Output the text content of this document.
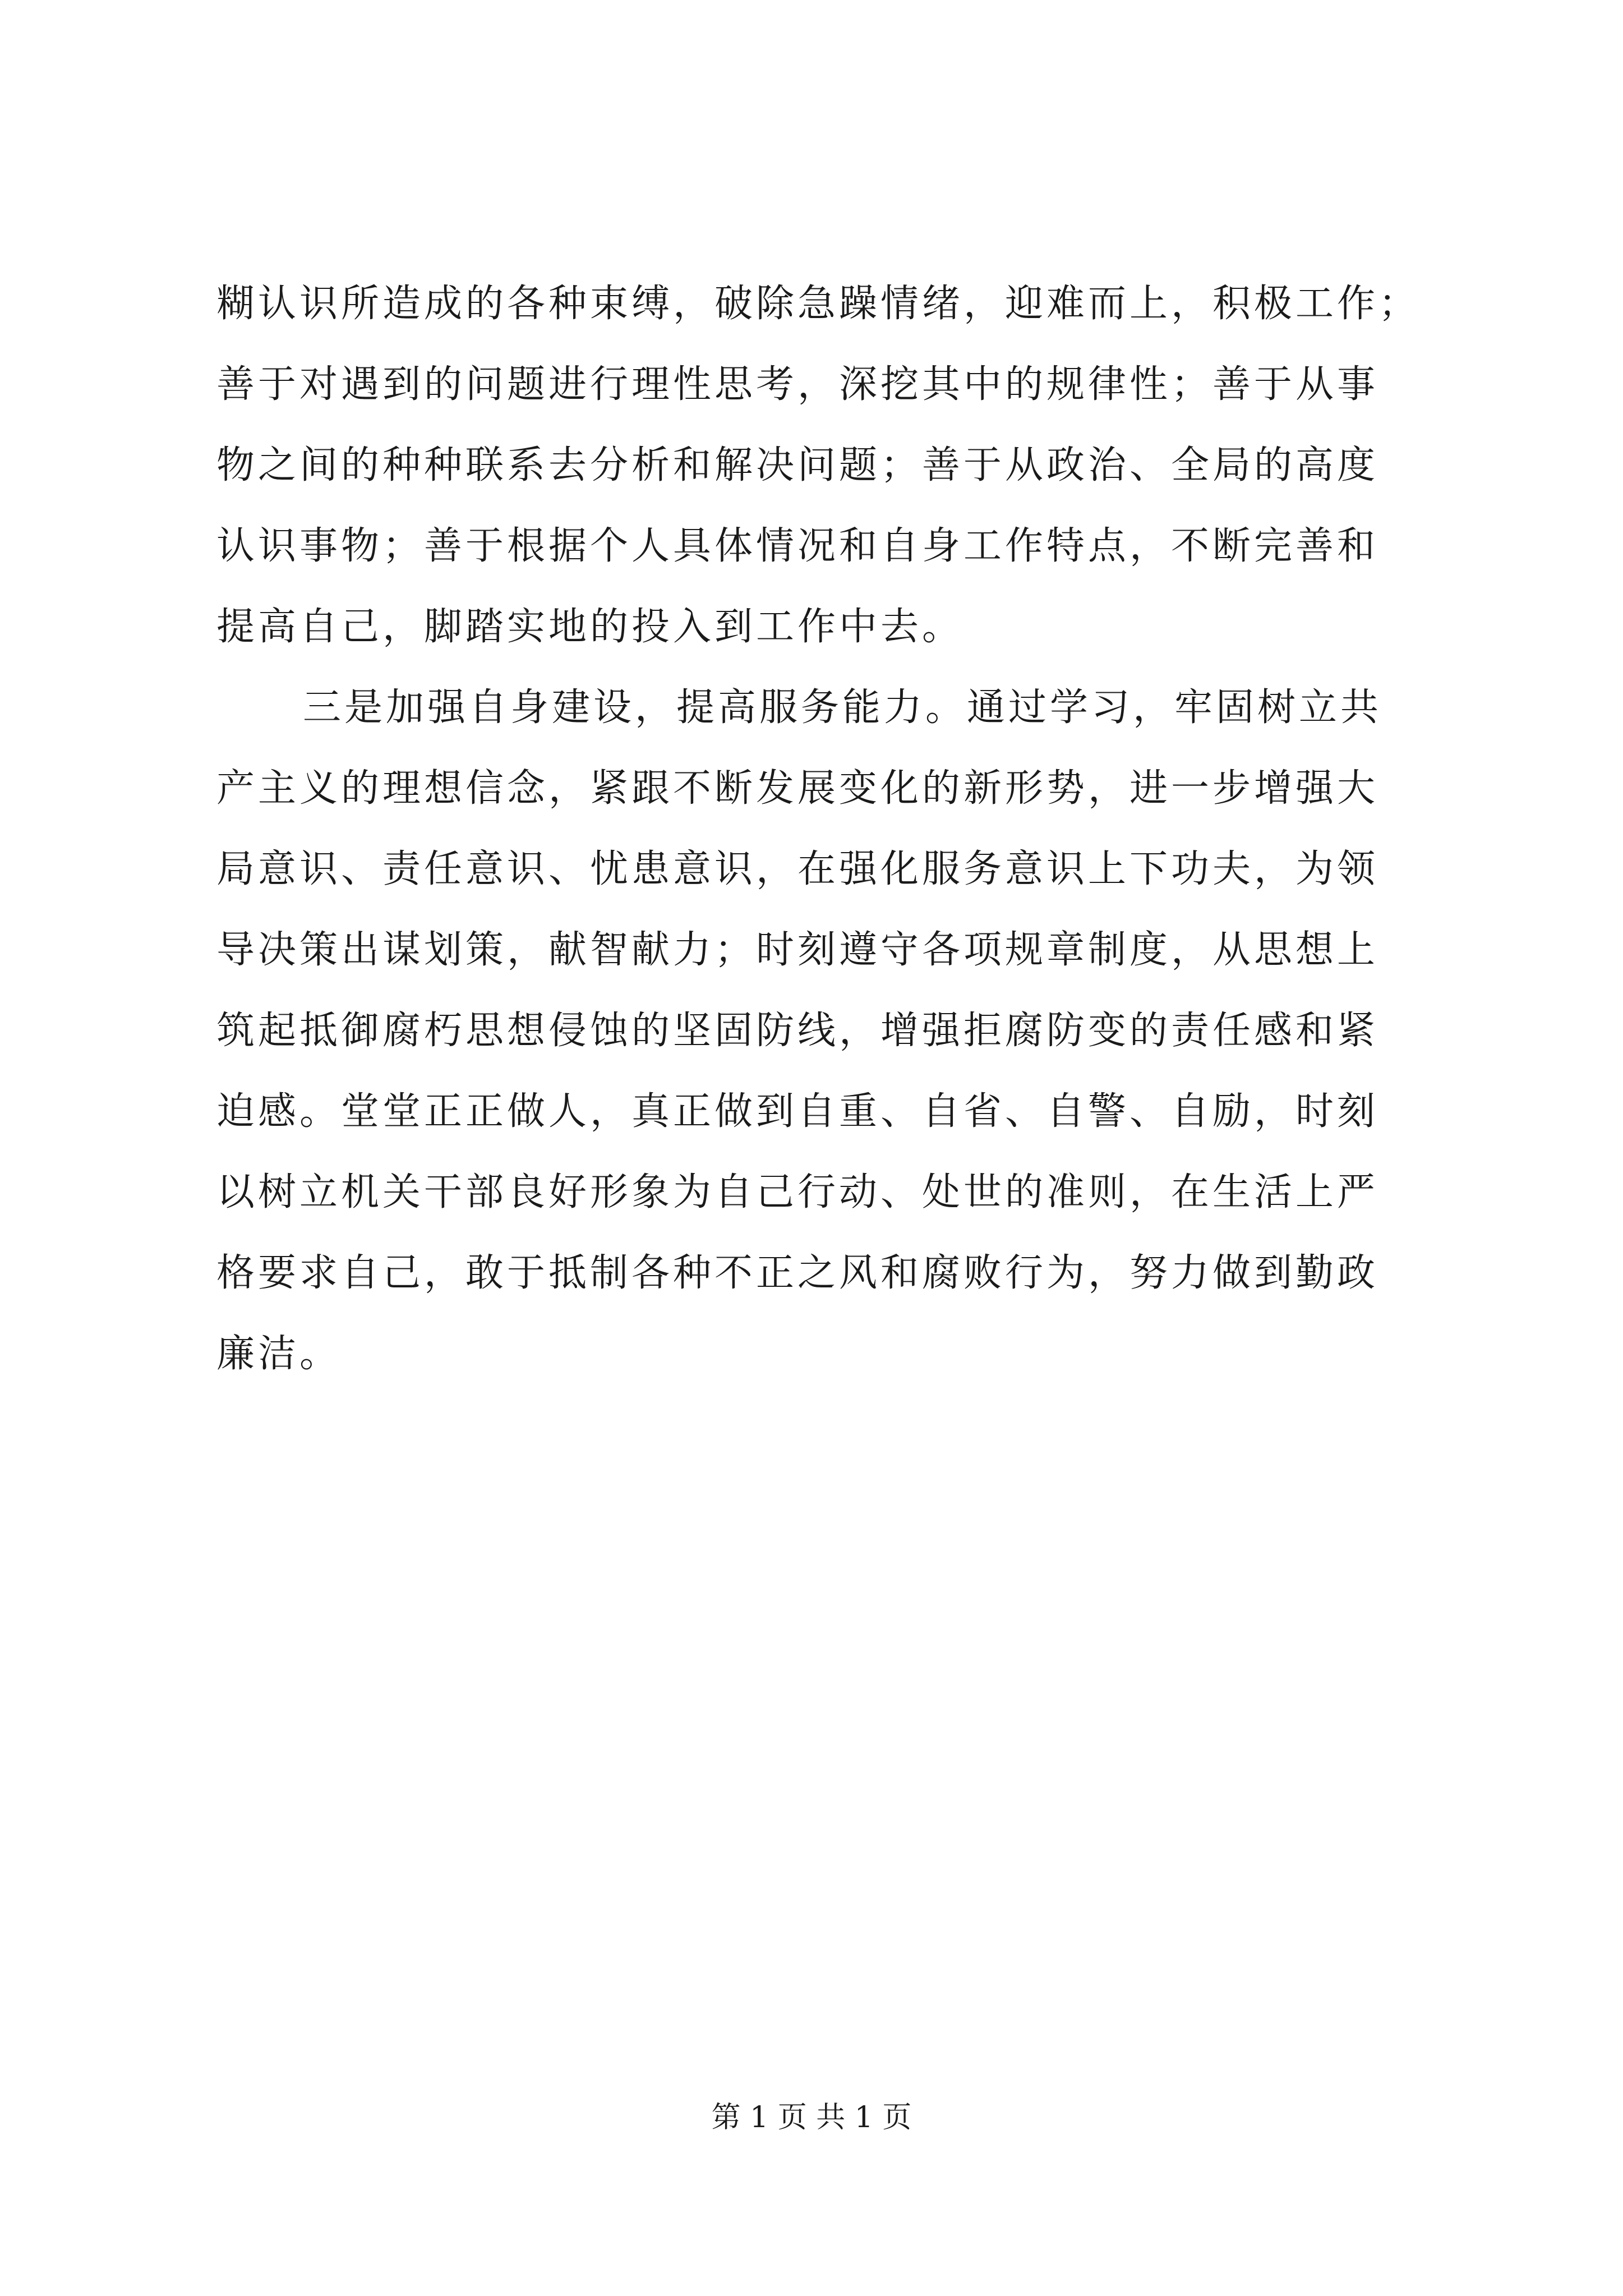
糊认识所造成的各种束缚，破除急躁情绪，迎难而上，积极工作；
善于对遇到的问题进行理性思考，深挖其中的规律性；善于从事
物之间的种种联系去分析和解决问题；善于从政治、全局的高度
认识事物；善于根据个人具体情况和自身工作特点，不断完善和
提高自己，脚踏实地的投入到工作中去。
三是加强自身建设，提高服务能力。通过学习，牢固树立共
产主义的理想信念，紧跟不断发展变化的新形势，进一步增强大
局意识、责任意识、忧患意识，在强化服务意识上下功夫，为领
导决策出谋划策，献智献力；时刻遵守各项规章制度，从思想上
筑起抵御腐朽思想侵蚀的坚固防线，增强拒腐防变的责任感和紧
迫感。堂堂正正做人，真正做到自重、自省、自警、自励，时刻
以树立机关干部良好形象为自己行动、处世的准则，在生活上严
格要求自己，敢于抵制各种不正之风和腐败行为，努力做到勤政
廉洁。
第 1 页 共 1 页
